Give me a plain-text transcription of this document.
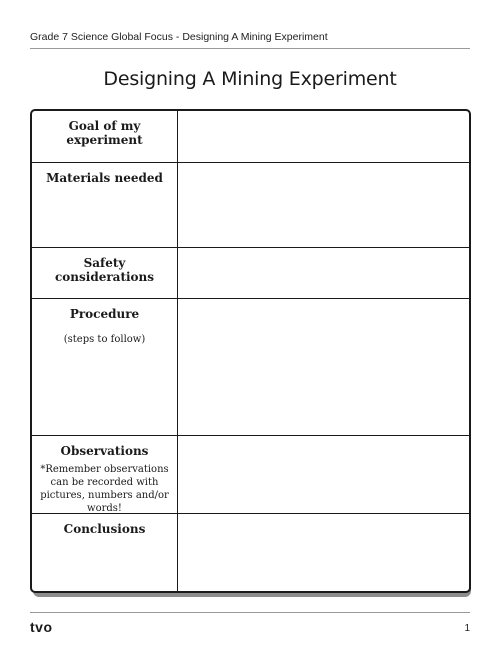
Grade 7 Science Global Focus - Designing A Mining Experiment
Designing A Mining Experiment
Goal of my experiment
Materials needed
Safety considerations
Procedure
(steps to follow)
Observations
*Remember observations can be recorded with pictures, numbers and/or words!
Conclusions
tvo	1
